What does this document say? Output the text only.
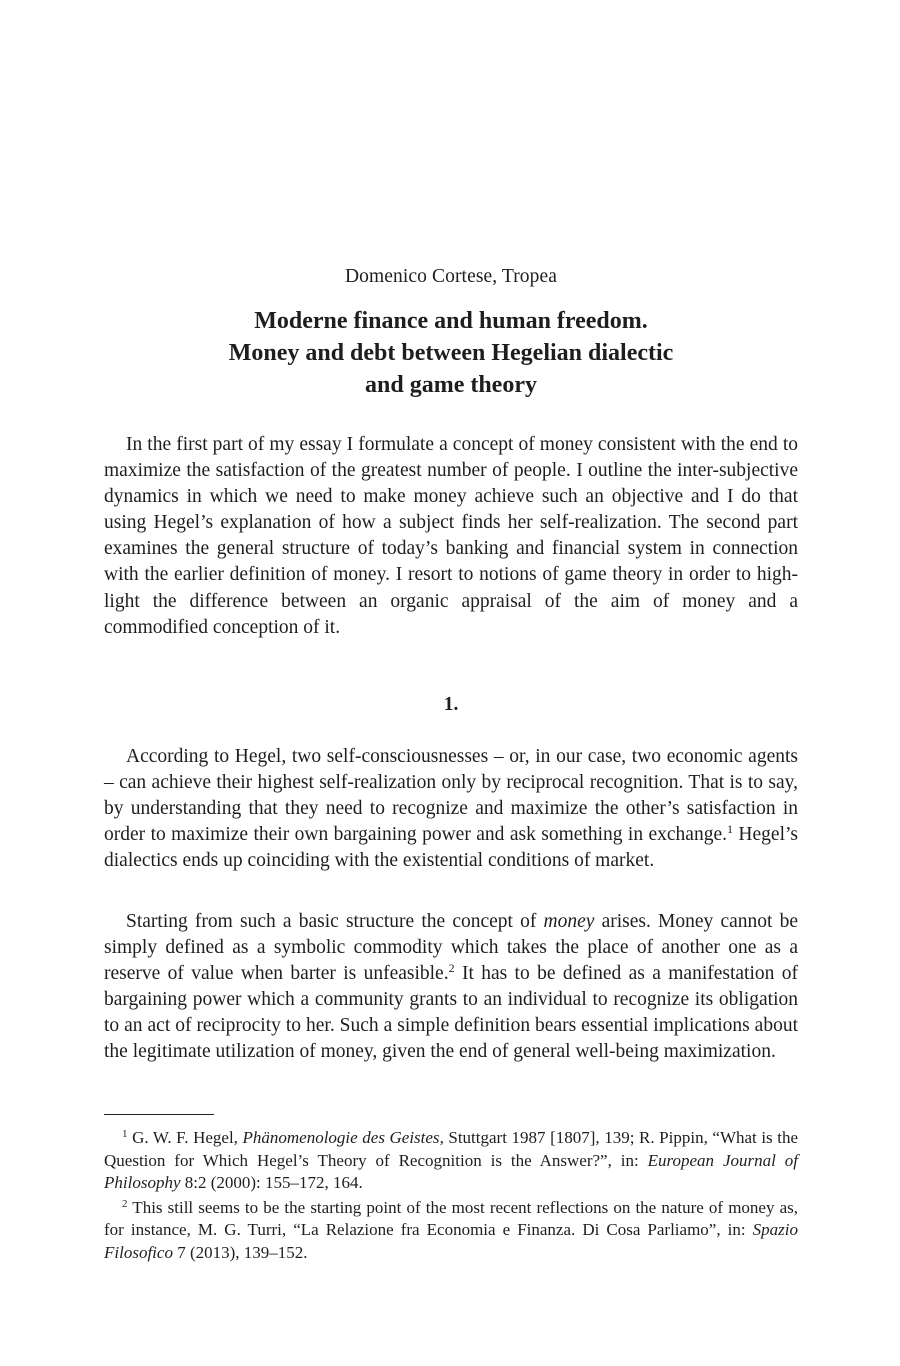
Domenico Cortese, Tropea
Moderne finance and human freedom.
Money and debt between Hegelian dialectic
and game theory

In the first part of my essay I formulate a concept of money consistent with the end to maximize the satisfaction of the greatest number of people. I outline the inter-subjective dynamics in which we need to make money achieve such an objective and I do that using Hegel’s explanation of how a subject finds her self-realization. The second part examines the general structure of today’s banking and financial system in connection with the earlier definition of money. I resort to notions of game theory in order to highlight the difference between an organic appraisal of the aim of money and a commodified conception of it.

1.

According to Hegel, two self-consciousnesses – or, in our case, two economic agents – can achieve their highest self-realization only by reciprocal recognition. That is to say, by understanding that they need to recognize and maximize the other’s satisfaction in order to maximize their own bargaining power and ask something in exchange.$^1$ Hegel’s dialectics ends up coinciding with the existential conditions of market.

Starting from such a basic structure the concept of money arises. Money cannot be simply defined as a symbolic commodity which takes the place of another one as a reserve of value when barter is unfeasible.$^2$ It has to be defined as a manifestation of bargaining power which a community grants to an individual to recognize its obligation to an act of reciprocity to her. Such a simple definition bears essential implications about the legitimate utilization of money, given the end of general well-being maximization.

$^1$ G. W. F. Hegel, Phänomenologie des Geistes, Stuttgart 1987 [1807], 139; R. Pippin, “What is the Question for Which Hegel’s Theory of Recognition is the Answer?”, in: European Journal of Philosophy 8:2 (2000): 155–172, 164.

$^2$ This still seems to be the starting point of the most recent reflections on the nature of money as, for instance, M. G. Turri, “La Relazione fra Economia e Finanza. Di Cosa Parliamo”, in: Spazio Filosofico 7 (2013), 139–152.
